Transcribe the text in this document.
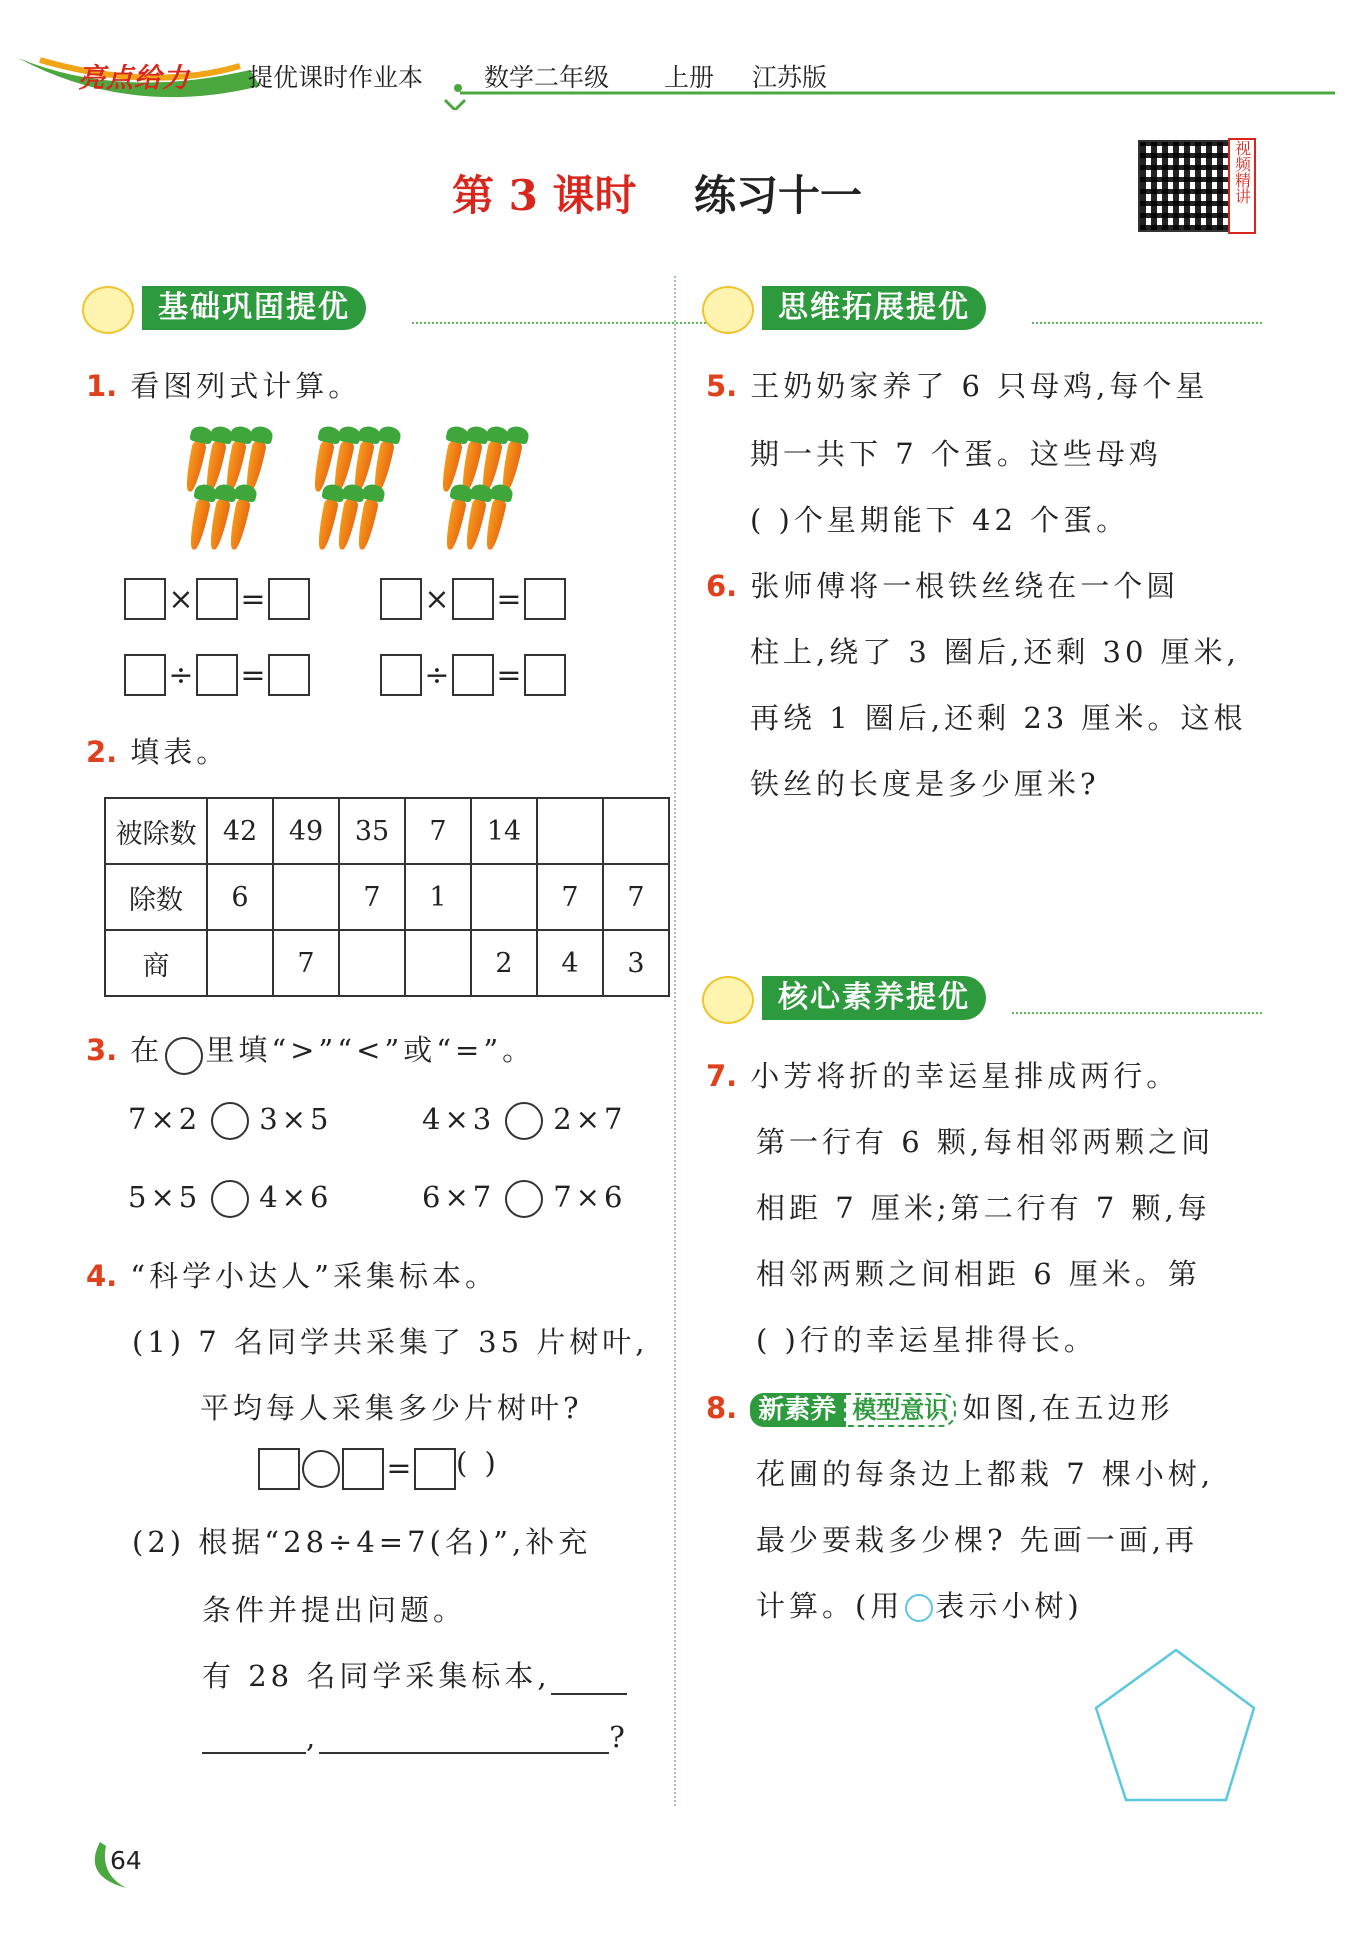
亮点给力 提优课时作业本 数学二年级 上册 江苏版
第 3 课时 练习十一	视频精讲
基础巩固提优
1. 看图列式计算。
× =	× =
÷ =	÷ =
2. 填表。
被除数	42	49	35	7	14		
除数	6		7	1		7	7
商		7			2	4	3
3. 在 里填“>”“<”或“=”。
7×2 3×5	4×3 2×7
5×5 4×6	6×7 7×6
4. “科学小达人”采集标本。
(1) 7 名同学共采集了 35 片树叶,
平均每人采集多少片树叶?
= ( )
(2) 根据“28÷4=7(名)”,补充
条件并提出问题。
有 28 名同学采集标本,
,	?
思维拓展提优
5. 王奶奶家养了 6 只母鸡,每个星
期一共下 7 个蛋。这些母鸡
( )个星期能下 42 个蛋。
6. 张师傅将一根铁丝绕在一个圆
柱上,绕了 3 圈后,还剩 30 厘米,
再绕 1 圈后,还剩 23 厘米。这根
铁丝的长度是多少厘米?
核心素养提优
7. 小芳将折的幸运星排成两行。
第一行有 6 颗,每相邻两颗之间
相距 7 厘米;第二行有 7 颗,每
相邻两颗之间相距 6 厘米。第
( )行的幸运星排得长。
8. 新素养 模型意识 如图,在五边形
花圃的每条边上都栽 7 棵小树,
最少要栽多少棵? 先画一画,再
计算。(用 表示小树)
64
